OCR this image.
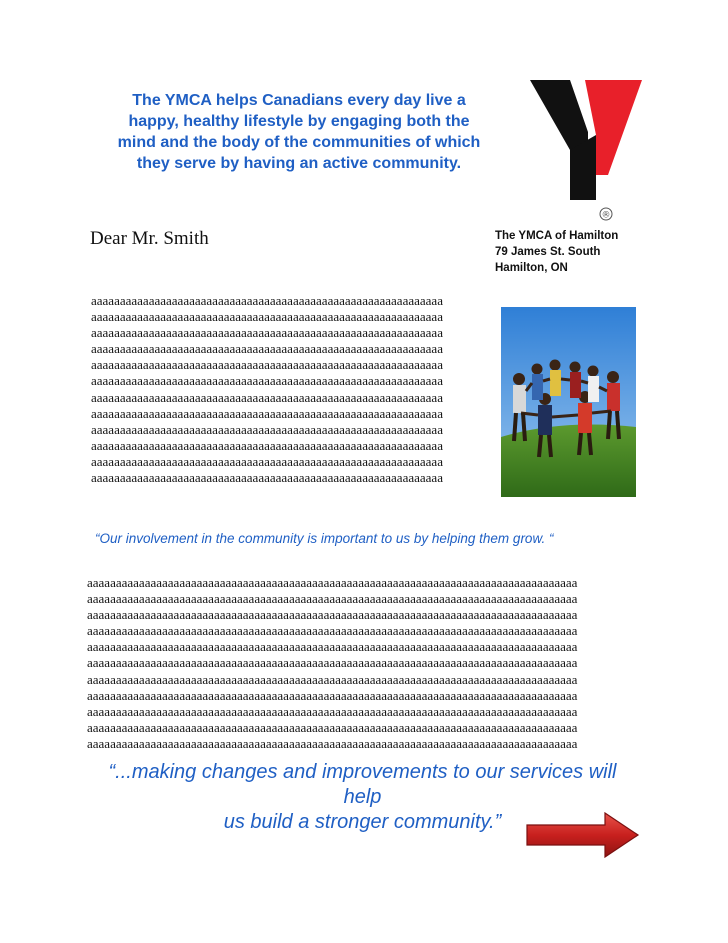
The YMCA helps Canadians every day live a
happy, healthy lifestyle by engaging both the
mind and the body of the communities of which
they serve by having an active community.
®
Dear Mr. Smith	The YMCA of Hamilton
79 James St. South
Hamilton, ON
aaaaaaaaaaaaaaaaaaaaaaaaaaaaaaaaaaaaaaaaaaaaaaaaaaaaaaaaaaaaa
aaaaaaaaaaaaaaaaaaaaaaaaaaaaaaaaaaaaaaaaaaaaaaaaaaaaaaaaaaaaa
aaaaaaaaaaaaaaaaaaaaaaaaaaaaaaaaaaaaaaaaaaaaaaaaaaaaaaaaaaaaa
aaaaaaaaaaaaaaaaaaaaaaaaaaaaaaaaaaaaaaaaaaaaaaaaaaaaaaaaaaaaa
aaaaaaaaaaaaaaaaaaaaaaaaaaaaaaaaaaaaaaaaaaaaaaaaaaaaaaaaaaaaa
aaaaaaaaaaaaaaaaaaaaaaaaaaaaaaaaaaaaaaaaaaaaaaaaaaaaaaaaaaaaa
aaaaaaaaaaaaaaaaaaaaaaaaaaaaaaaaaaaaaaaaaaaaaaaaaaaaaaaaaaaaa
aaaaaaaaaaaaaaaaaaaaaaaaaaaaaaaaaaaaaaaaaaaaaaaaaaaaaaaaaaaaa
aaaaaaaaaaaaaaaaaaaaaaaaaaaaaaaaaaaaaaaaaaaaaaaaaaaaaaaaaaaaa
aaaaaaaaaaaaaaaaaaaaaaaaaaaaaaaaaaaaaaaaaaaaaaaaaaaaaaaaaaaaa
aaaaaaaaaaaaaaaaaaaaaaaaaaaaaaaaaaaaaaaaaaaaaaaaaaaaaaaaaaaaa
aaaaaaaaaaaaaaaaaaaaaaaaaaaaaaaaaaaaaaaaaaaaaaaaaaaaaaaaaaaaa
“Our involvement in the community is important to us by helping them grow. “
aaaaaaaaaaaaaaaaaaaaaaaaaaaaaaaaaaaaaaaaaaaaaaaaaaaaaaaaaaaaaaaaaaaaaaaaaaaaaaaaaaaaa
aaaaaaaaaaaaaaaaaaaaaaaaaaaaaaaaaaaaaaaaaaaaaaaaaaaaaaaaaaaaaaaaaaaaaaaaaaaaaaaaaaaaa
aaaaaaaaaaaaaaaaaaaaaaaaaaaaaaaaaaaaaaaaaaaaaaaaaaaaaaaaaaaaaaaaaaaaaaaaaaaaaaaaaaaaa
aaaaaaaaaaaaaaaaaaaaaaaaaaaaaaaaaaaaaaaaaaaaaaaaaaaaaaaaaaaaaaaaaaaaaaaaaaaaaaaaaaaaa
aaaaaaaaaaaaaaaaaaaaaaaaaaaaaaaaaaaaaaaaaaaaaaaaaaaaaaaaaaaaaaaaaaaaaaaaaaaaaaaaaaaaa
aaaaaaaaaaaaaaaaaaaaaaaaaaaaaaaaaaaaaaaaaaaaaaaaaaaaaaaaaaaaaaaaaaaaaaaaaaaaaaaaaaaaa
aaaaaaaaaaaaaaaaaaaaaaaaaaaaaaaaaaaaaaaaaaaaaaaaaaaaaaaaaaaaaaaaaaaaaaaaaaaaaaaaaaaaa
aaaaaaaaaaaaaaaaaaaaaaaaaaaaaaaaaaaaaaaaaaaaaaaaaaaaaaaaaaaaaaaaaaaaaaaaaaaaaaaaaaaaa
aaaaaaaaaaaaaaaaaaaaaaaaaaaaaaaaaaaaaaaaaaaaaaaaaaaaaaaaaaaaaaaaaaaaaaaaaaaaaaaaaaaaa
aaaaaaaaaaaaaaaaaaaaaaaaaaaaaaaaaaaaaaaaaaaaaaaaaaaaaaaaaaaaaaaaaaaaaaaaaaaaaaaaaaaaa
aaaaaaaaaaaaaaaaaaaaaaaaaaaaaaaaaaaaaaaaaaaaaaaaaaaaaaaaaaaaaaaaaaaaaaaaaaaaaaaaaaaaa
“...making changes and improvements to our services will help
us build a stronger community.”
